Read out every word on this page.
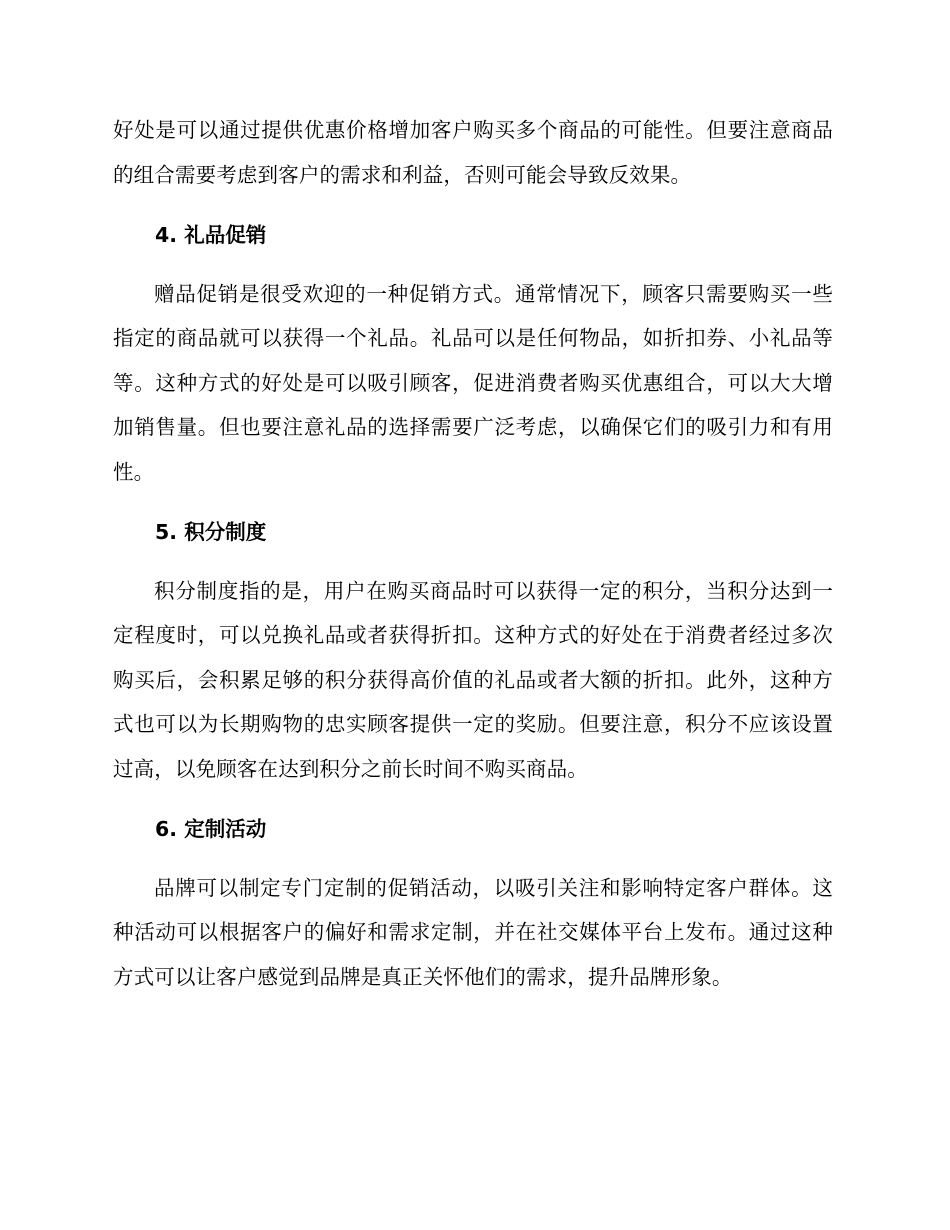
好处是可以通过提供优惠价格增加客户购买多个商品的可能性。但要注意商品的组合需要考虑到客户的需求和利益，否则可能会导致反效果。

4. 礼品促销

赠品促销是很受欢迎的一种促销方式。通常情况下，顾客只需要购买一些指定的商品就可以获得一个礼品。礼品可以是任何物品，如折扣券、小礼品等等。这种方式的好处是可以吸引顾客，促进消费者购买优惠组合，可以大大增加销售量。但也要注意礼品的选择需要广泛考虑，以确保它们的吸引力和有用性。

5. 积分制度

积分制度指的是，用户在购买商品时可以获得一定的积分，当积分达到一定程度时，可以兑换礼品或者获得折扣。这种方式的好处在于消费者经过多次购买后，会积累足够的积分获得高价值的礼品或者大额的折扣。此外，这种方式也可以为长期购物的忠实顾客提供一定的奖励。但要注意，积分不应该设置过高，以免顾客在达到积分之前长时间不购买商品。

6. 定制活动

品牌可以制定专门定制的促销活动，以吸引关注和影响特定客户群体。这种活动可以根据客户的偏好和需求定制，并在社交媒体平台上发布。通过这种方式可以让客户感觉到品牌是真正关怀他们的需求，提升品牌形象。
